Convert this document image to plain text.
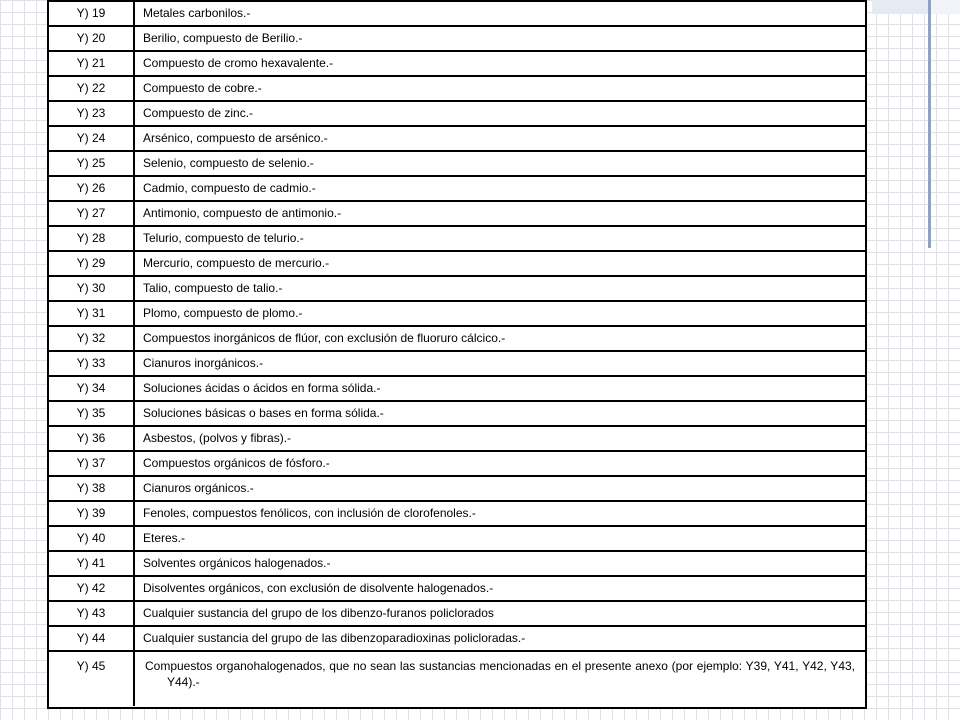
Y) 19	Metales carbonilos.-
Y) 20	Berilio, compuesto de Berilio.-
Y) 21	Compuesto de cromo hexavalente.-
Y) 22	Compuesto de cobre.-
Y) 23	Compuesto de zinc.-
Y) 24	Arsénico, compuesto de arsénico.-
Y) 25	Selenio, compuesto de selenio.-
Y) 26	Cadmio, compuesto de cadmio.-
Y) 27	Antimonio, compuesto de antimonio.-
Y) 28	Telurio, compuesto de telurio.-
Y) 29	Mercurio, compuesto de mercurio.-
Y) 30	Talio, compuesto de talio.-
Y) 31	Plomo, compuesto de plomo.-
Y) 32	Compuestos inorgánicos de flúor, con exclusión de fluoruro cálcico.-
Y) 33	Cianuros inorgánicos.-
Y) 34	Soluciones ácidas o ácidos en forma sólida.-
Y) 35	Soluciones básicas o bases en forma sólida.-
Y) 36	Asbestos, (polvos y fibras).-
Y) 37	Compuestos orgánicos de fósforo.-
Y) 38	Cianuros orgánicos.-
Y) 39	Fenoles, compuestos fenólicos, con inclusión de clorofenoles.-
Y) 40	Eteres.-
Y) 41	Solventes orgánicos halogenados.-
Y) 42	Disolventes orgánicos, con exclusión de disolvente halogenados.-
Y) 43	Cualquier sustancia del grupo de los dibenzo-furanos policlorados
Y) 44	Cualquier sustancia del grupo de las dibenzoparadioxinas policloradas.-
Y) 45	Compuestos organohalogenados, que no sean las sustancias mencionadas en el presente anexo (por ejemplo: Y39, Y41, Y42, Y43, Y44).-
